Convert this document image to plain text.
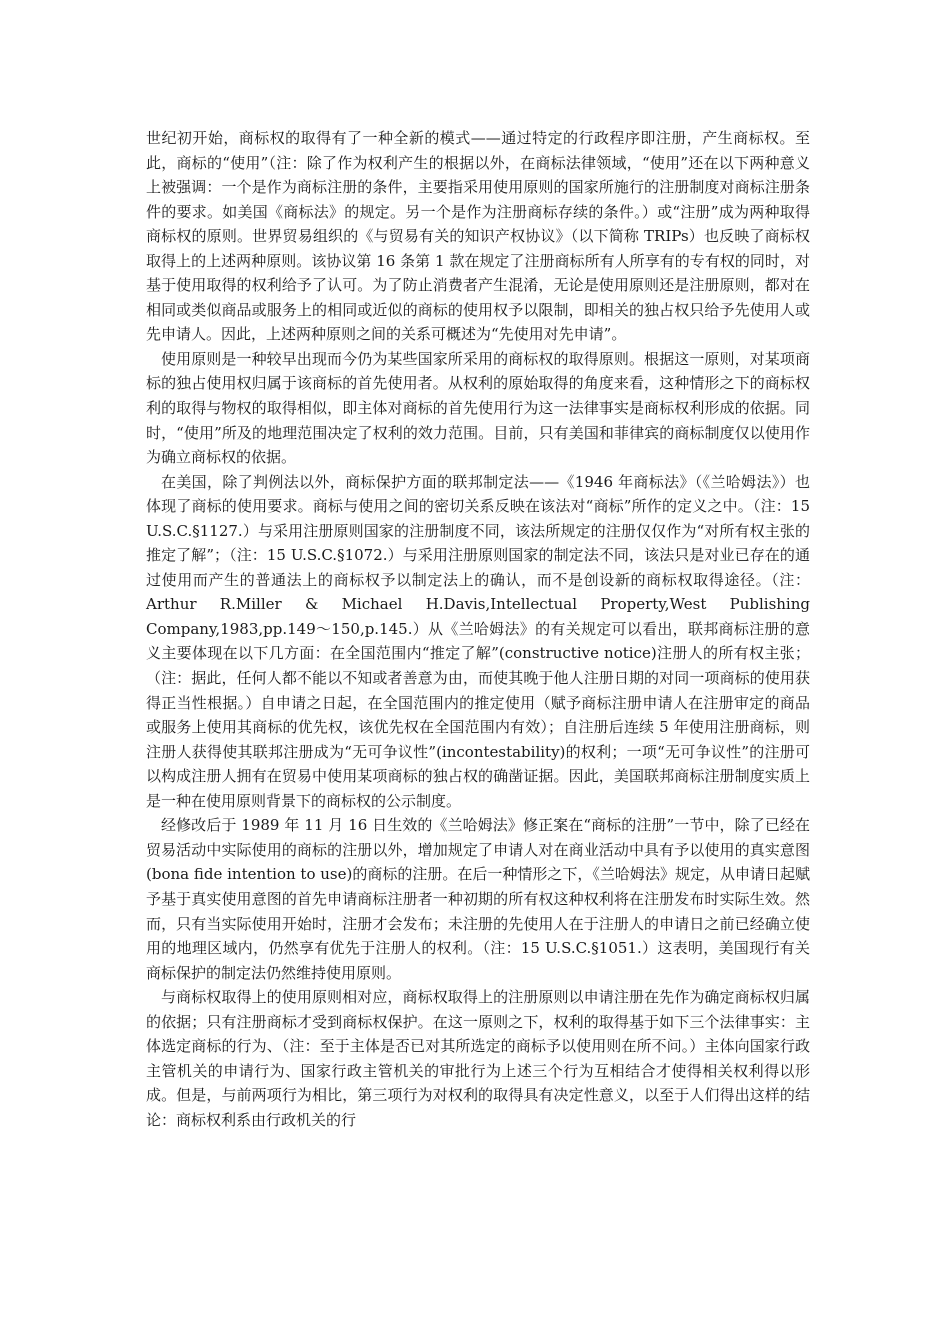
世纪初开始，商标权的取得有了一种全新的模式——通过特定的行政程序即注册，产生商标权。至此，商标的“使用”（注：除了作为权利产生的根据以外，在商标法律领域，“使用”还在以下两种意义上被强调：一个是作为商标注册的条件，主要指采用使用原则的国家所施行的注册制度对商标注册条件的要求。如美国《商标法》的规定。另一个是作为注册商标存续的条件。）或“注册”成为两种取得商标权的原则。世界贸易组织的《与贸易有关的知识产权协议》（以下简称 TRIPs）也反映了商标权取得上的上述两种原则。该协议第 16 条第 1 款在规定了注册商标所有人所享有的专有权的同时，对基于使用取得的权利给予了认可。为了防止消费者产生混淆，无论是使用原则还是注册原则，都对在相同或类似商品或服务上的相同或近似的商标的使用权予以限制，即相关的独占权只给予先使用人或先申请人。因此，上述两种原则之间的关系可概述为“先使用对先申请”。

使用原则是一种较早出现而今仍为某些国家所采用的商标权的取得原则。根据这一原则，对某项商标的独占使用权归属于该商标的首先使用者。从权利的原始取得的角度来看，这种情形之下的商标权利的取得与物权的取得相似，即主体对商标的首先使用行为这一法律事实是商标权利形成的依据。同时，“使用”所及的地理范围决定了权利的效力范围。目前，只有美国和菲律宾的商标制度仅以使用作为确立商标权的依据。

在美国，除了判例法以外，商标保护方面的联邦制定法——《1946 年商标法》（《兰哈姆法》）也体现了商标的使用要求。商标与使用之间的密切关系反映在该法对“商标”所作的定义之中。（注：15 U.S.C.§1127.）与采用注册原则国家的注册制度不同，该法所规定的注册仅仅作为“对所有权主张的推定了解”；（注：15 U.S.C.§1072.）与采用注册原则国家的制定法不同，该法只是对业已存在的通过使用而产生的普通法上的商标权予以制定法上的确认，而不是创设新的商标权取得途径。（注：Arthur R.Miller & Michael H.Davis,Intellectual Property,West Publishing Company,1983,pp.149～150,p.145.）从《兰哈姆法》的有关规定可以看出，联邦商标注册的意义主要体现在以下几方面：在全国范围内“推定了解”(constructive notice)注册人的所有权主张；（注：据此，任何人都不能以不知或者善意为由，而使其晚于他人注册日期的对同一项商标的使用获得正当性根据。）自申请之日起，在全国范围内的推定使用（赋予商标注册申请人在注册审定的商品或服务上使用其商标的优先权，该优先权在全国范围内有效）；自注册后连续 5 年使用注册商标，则注册人获得使其联邦注册成为“无可争议性”(incontestability)的权利；一项“无可争议性”的注册可以构成注册人拥有在贸易中使用某项商标的独占权的确凿证据。因此，美国联邦商标注册制度实质上是一种在使用原则背景下的商标权的公示制度。

经修改后于 1989 年 11 月 16 日生效的《兰哈姆法》修正案在“商标的注册”一节中，除了已经在贸易活动中实际使用的商标的注册以外，增加规定了申请人对在商业活动中具有予以使用的真实意图(bona fide intention to use)的商标的注册。在后一种情形之下，《兰哈姆法》规定，从申请日起赋予基于真实使用意图的首先申请商标注册者一种初期的所有权这种权利将在注册发布时实际生效。然而，只有当实际使用开始时，注册才会发布；未注册的先使用人在于注册人的申请日之前已经确立使用的地理区域内，仍然享有优先于注册人的权利。（注：15 U.S.C.§1051.）这表明，美国现行有关商标保护的制定法仍然维持使用原则。

与商标权取得上的使用原则相对应，商标权取得上的注册原则以申请注册在先作为确定商标权归属的依据；只有注册商标才受到商标权保护。在这一原则之下，权利的取得基于如下三个法律事实：主体选定商标的行为、（注：至于主体是否已对其所选定的商标予以使用则在所不问。）主体向国家行政主管机关的申请行为、国家行政主管机关的审批行为上述三个行为互相结合才使得相关权利得以形成。但是，与前两项行为相比，第三项行为对权利的取得具有决定性意义，以至于人们得出这样的结论：商标权利系由行政机关的行
